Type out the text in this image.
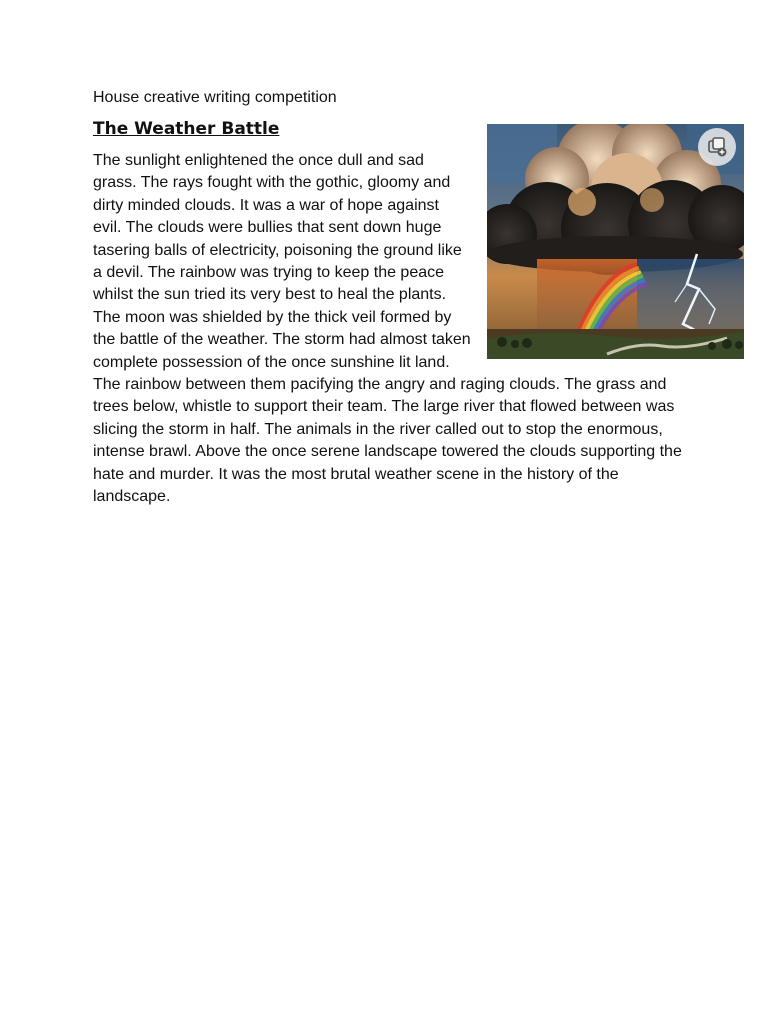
House creative writing competition
The Weather Battle
The sunlight enlightened the once dull and sad grass. The rays fought with the gothic, gloomy and dirty minded clouds. It was a war of hope against evil. The clouds were bullies that sent down huge tasering balls of electricity, poisoning the ground like a devil. The rainbow was trying to keep the peace whilst the sun tried its very best to heal the plants. The moon was shielded by the thick veil formed by the battle of the weather. The storm had almost taken complete possession of the once sunshine lit land. The rainbow between them pacifying the angry and raging clouds. The grass and trees below, whistle to support their team. The large river that flowed between was slicing the storm in half. The animals in the river called out to stop the enormous, intense brawl. Above the once serene landscape towered the clouds supporting the hate and murder. It was the most brutal weather scene in the history of the landscape.
